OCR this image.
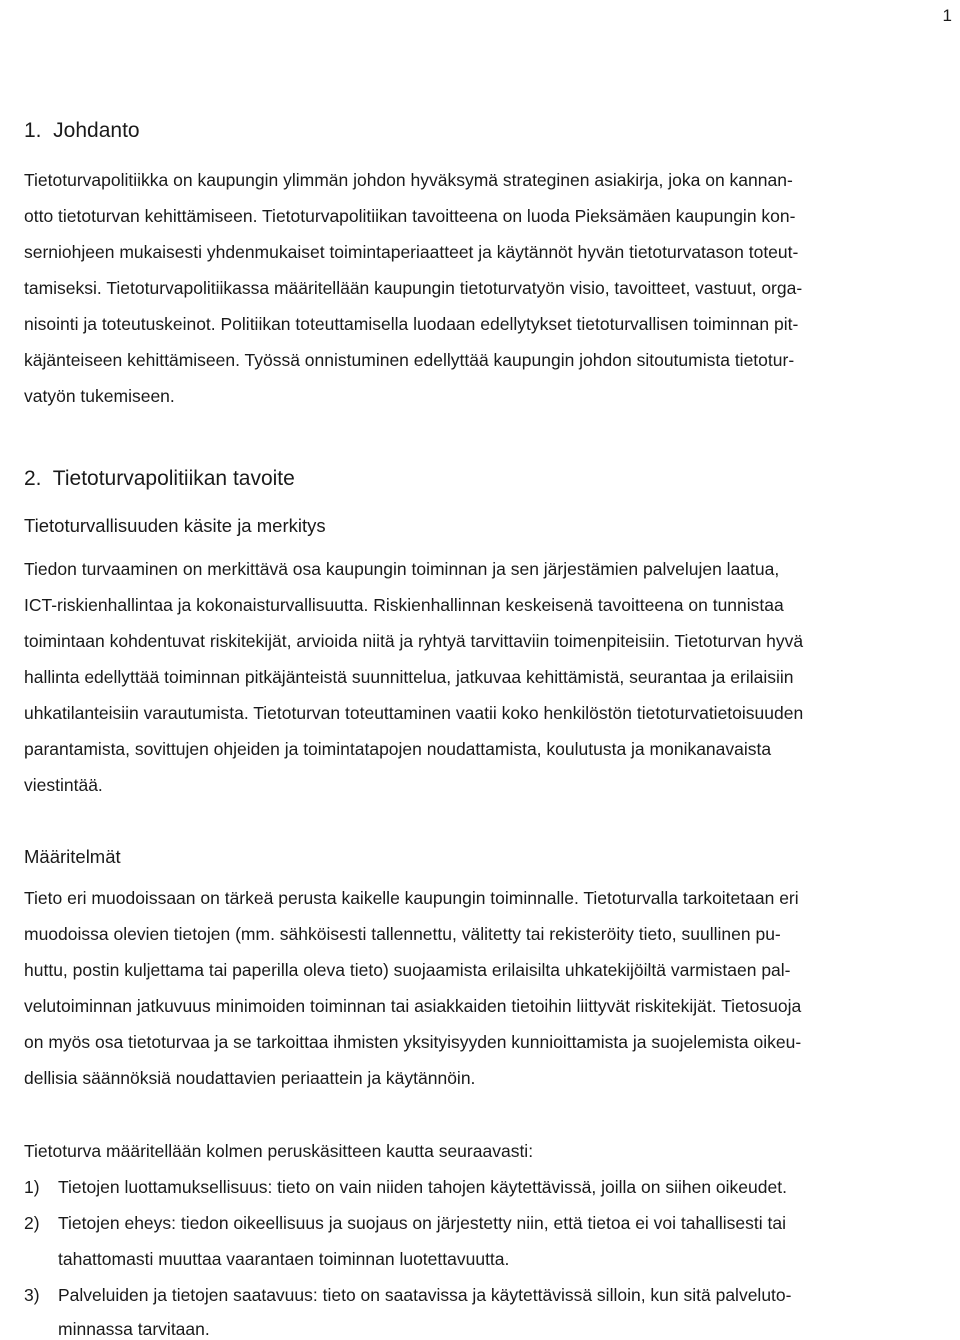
1
1.  Johdanto
Tietoturvapolitiikka on kaupungin ylimmän johdon hyväksymä strateginen asiakirja, joka on kannan-
otto tietoturvan kehittämiseen. Tietoturvapolitiikan tavoitteena on luoda Pieksämäen kaupungin kon-
serniohjeen mukaisesti yhdenmukaiset toimintaperiaatteet ja käytännöt hyvän tietoturvatason toteut-
tamiseksi. Tietoturvapolitiikassa määritellään kaupungin tietoturvatyön visio, tavoitteet, vastuut, orga-
nisointi ja toteutuskeinot. Politiikan toteuttamisella luodaan edellytykset tietoturvallisen toiminnan pit-
käjänteiseen kehittämiseen. Työssä onnistuminen edellyttää kaupungin johdon sitoutumista tietotur-
vatyön tukemiseen.
2.  Tietoturvapolitiikan tavoite
Tietoturvallisuuden käsite ja merkitys
Tiedon turvaaminen on merkittävä osa kaupungin toiminnan ja sen järjestämien palvelujen laatua,
ICT-riskienhallintaa ja kokonaisturvallisuutta. Riskienhallinnan keskeisenä tavoitteena on tunnistaa
toimintaan kohdentuvat riskitekijät, arvioida niitä ja ryhtyä tarvittaviin toimenpiteisiin. Tietoturvan hyvä
hallinta edellyttää toiminnan pitkäjänteistä suunnittelua, jatkuvaa kehittämistä, seurantaa ja erilaisiin
uhkatilanteisiin varautumista. Tietoturvan toteuttaminen vaatii koko henkilöstön tietoturvatietoisuuden
parantamista, sovittujen ohjeiden ja toimintatapojen noudattamista, koulutusta ja monikanavaista
viestintää.
Määritelmät
Tieto eri muodoissaan on tärkeä perusta kaikelle kaupungin toiminnalle. Tietoturvalla tarkoitetaan eri
muodoissa olevien tietojen (mm. sähköisesti tallennettu, välitetty tai rekisteröity tieto, suullinen pu-
huttu, postin kuljettama tai paperilla oleva tieto) suojaamista erilaisilta uhkatekijöiltä varmistaen pal-
velutoiminnan jatkuvuus minimoiden toiminnan tai asiakkaiden tietoihin liittyvät riskitekijät. Tietosuoja
on myös osa tietoturvaa ja se tarkoittaa ihmisten yksityisyyden kunnioittamista ja suojelemista oikeu-
dellisia säännöksiä noudattavien periaattein ja käytännöin.
Tietoturva määritellään kolmen peruskäsitteen kautta seuraavasti:
1) Tietojen luottamuksellisuus: tieto on vain niiden tahojen käytettävissä, joilla on siihen oikeudet.
2) Tietojen eheys: tiedon oikeellisuus ja suojaus on järjestetty niin, että tietoa ei voi tahallisesti tai
tahattomasti muuttaa vaarantaen toiminnan luotettavuutta.
3) Palveluiden ja tietojen saatavuus: tieto on saatavissa ja käytettävissä silloin, kun sitä palveluto-
minnassa tarvitaan.
